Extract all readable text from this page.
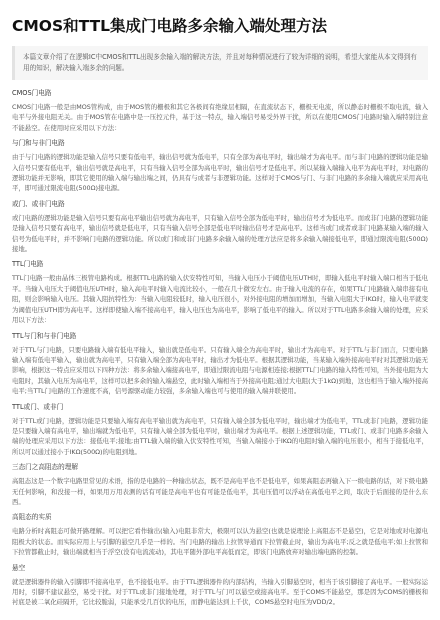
CMOS和TTL集成门电路多余输入端处理方法
本篇文章介绍了在逻辑IC中CMOS和TTL出现多余输入端的解决方法，并且对每种情况进行了较为详细的说明，希望大家能从本文得到有用的知识，解决输入端多余的问题。
CMOS门电路

CMOS门电路一般是由MOS管构成，由于MOS管的栅极和其它各极间有绝缘层相隔，在直流状态下，栅极无电流，所以静态时栅极不取电流，输入电平与外接电阻无关。由于MOS管在电路中是一压控元件，基于这一特点，输入端信号易受外界干扰，所以在使用CMOS门电路时输入端特别注意不能悬空。在使用时应采用以下方法：

与门和与非门电路

由于与门电路的逻辑功能是输入信号只要有低电平，输出信号就为低电平，只有全部为高电平时，输出端才为高电平。而与非门电路的逻辑功能是输入信号只要有低电平，输出信号就是高电平，只有当输入信号全部为高电平时，输出信号才是低电平。所以某输入端输入电平为高电平时，对电路的逻辑功能并无影响，即其它使用的输入端与输出端之间，仍具有与或者与非逻辑功能。这样对于CMOS与门、与非门电路的多余输入端就应采用高电平，即可通过限流电阻(500Ω)接电源。

或门、或非门电路

或门电路的逻辑功能是输入信号只要有高电平输出信号就为高电平，只有输入信号全部为低电平时，输出信号才为低电平。而或非门电路的逻辑功能是输入信号只要有高电平，输出信号就是低电平，只有当输入信号全部是低电平时输出信号才是高电平。这样当或门或者或非门电路某输入端的输入信号为低电平时，并不影响门电路的逻辑功能。所以或门和或非门电路多余输入端的处理方法应是将多余输入端接低电平，即通过限流电阻(500Ω)接地。

TTL门电路

TTL门电路一般由晶体三极管电路构成。根据TTL电路的输入伏安特性可知，当输入电压小于阈值电压UTH时，即输入低电平时输入端口相当于低电平。当输入电压大于阈值电压UTH时，输入高电平时输入电流比较小，一般在几十微安左右。由于输入电流的存在，如果TTL门电路输入端串接有电阻，则会影响输入电压。其输入阻抗特性为：当输入电阻较低时，输入电压很小，对外接电阻的增加而增加，当输入电阻大于IKΩ时，输入电平就变为阈值电压UTH即为高电平。这样即使输入端不接高电平，输入电压也为高电平，影响了低电平的输入。所以对于TTL电路多余输入端的处理，应采用以下方法：

TTL与门和与非门电路

对于TTL与门电路，只要电路输入端有低电平输入，输出就是低电平。只有输入端全为高电平时，输出才为高电平。对于TTL与非门而言，只要电路输入端有低电平输入，输出就为高电平，只有输入端全部为高电平时，输出才为低电平。根据其逻辑功能，当某输入端外接高电平时对其逻辑功能无影响，根据这一特点应采用以下四种方法：将多余输入端接高电平，即通过限流电阻与电源相连接;根据TTL门电路的输入特性可知，当外接电阻为大电阻时，其输入电压为高电平，这样可以把多余的输入端悬空，此时输入端相当于外接高电阻;通过大电阻(大于1kΩ)到地，这也相当于输入端外接高电平;当TTL门电路的工作速度不高，信号源驱动能力较强，多余输入端也可与使用的输入端并联使用。

TTL或门、或非门

对于TTL或门电路，逻辑功能是只要输入端有高电平输出就为高电平，只有输入端全部为低电平时，输出端才为低电平，TTL或非门电路，逻辑功能是只要输入端有高电平，输出端就为低电平，只有输入端全部为低电平时，输出端才为高电平。根据上述逻辑功能，TTL或门、或非门电路多余输入端的处理应采用以下方法：接低电平;接地;由TTL输入端的输入伏安特性可知，当输入端接小于IKΩ的电阻时输入端的电压很小，相当于接低电平，所以可以通过接小于IKΩ(500Ω)的电阻到地。

三态门之高阻态的理解

高阻态这是一个数字电路里常见的术语，指的是电路的一种输出状态，既不是高电平也不是低电平，如果高阻态再输入下一级电路的话，对下级电路无任何影响，和没接一样，如果用万用表测的话有可能是高电平也有可能是低电平，其电压值可以浮动在高低电平之间，取决于后面接的是什么东西。

高阻态的实质

电路分析时高阻态可做开路理解。可以把它看作输出(输入)电阻非常大，极限可以认为悬空(也就是说理论上高阻态不是悬空)，它是对地或对电源电阻极大的状态。而实际应用上与引脚的悬空几乎是一样的。当门电路的输出上拉管导通而下拉管截止时，输出为高电平;反之就是低电平;如上拉管和下拉管都截止时，输出端就相当于浮空(没有电流流动)，其电平随外部电平高低而定，即该门电路放弃对输出端电路的控制。

悬空

就是逻辑器件的输入引脚即不接高电平，也不接低电平。由于TTL逻辑器件的内部结构，当输入引脚悬空时，相当于该引脚接了高电平。一般实际运用时，引脚不建议悬空，易受干扰。对于TTL或非门接地处理，对于TTL与门可以悬空或接高电平。至于COMS不能悬空，那是因为COMS的栅极和衬底是被二氧化硅隔开，它比较脆弱，只能承受几百伏的电压，而静电能达到上千伏，COMS悬空时电压为VDD/2。
